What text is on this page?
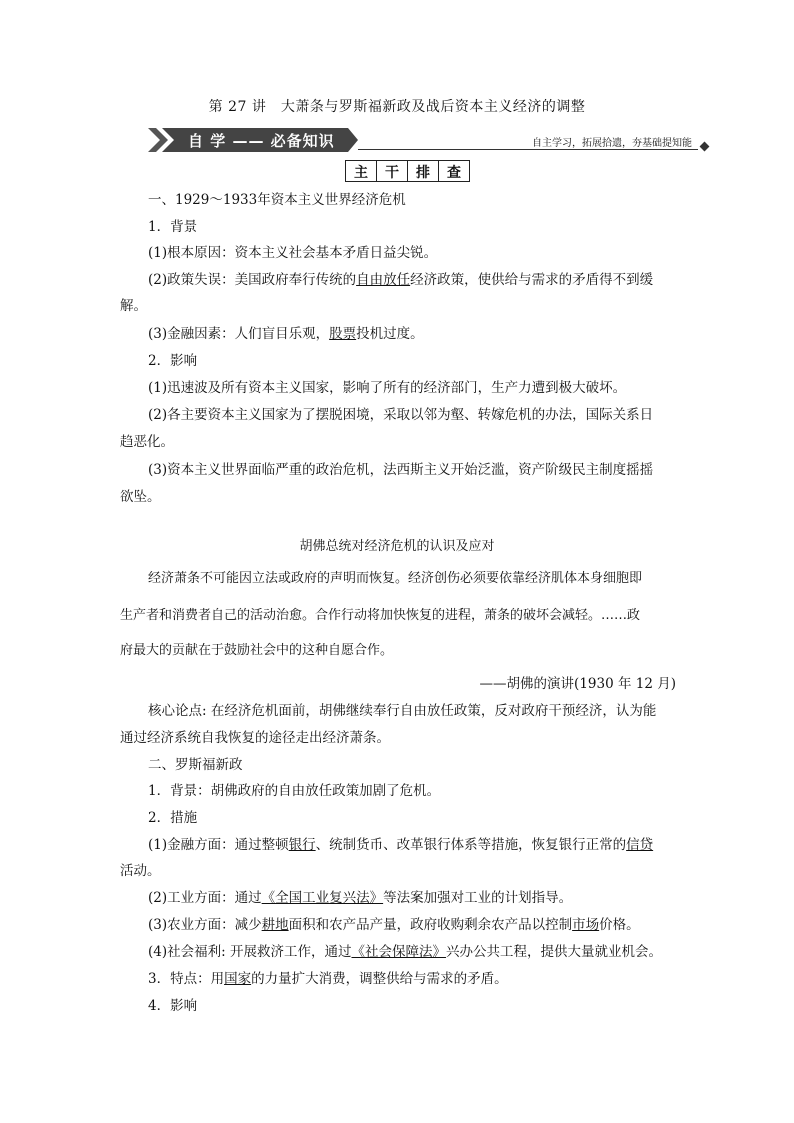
第 27 讲　大萧条与罗斯福新政及战后资本主义经济的调整
自 学 —— 必备知识	自主学习，拓展拾遗，夯基础提知能
主	干	排	查
一、1929～1933年资本主义世界经济危机
1．背景
(1)根本原因：资本主义社会基本矛盾日益尖锐。
(2)政策失误：美国政府奉行传统的自由放任经济政策，使供给与需求的矛盾得不到缓
解。
(3)金融因素：人们盲目乐观，股票投机过度。
2．影响
(1)迅速波及所有资本主义国家，影响了所有的经济部门，生产力遭到极大破坏。
(2)各主要资本主义国家为了摆脱困境，采取以邻为壑、转嫁危机的办法，国际关系日
趋恶化。
(3)资本主义世界面临严重的政治危机，法西斯主义开始泛滥，资产阶级民主制度摇摇
欲坠。
胡佛总统对经济危机的认识及应对
经济萧条不可能因立法或政府的声明而恢复。经济创伤必须要依靠经济肌体本身细胞即
生产者和消费者自己的活动治愈。合作行动将加快恢复的进程，萧条的破坏会减轻。……政
府最大的贡献在于鼓励社会中的这种自愿合作。
——胡佛的演讲(1930 年 12 月)
核心论点: 在经济危机面前，胡佛继续奉行自由放任政策，反对政府干预经济，认为能
通过经济系统自我恢复的途径走出经济萧条。
二、罗斯福新政
1．背景：胡佛政府的自由放任政策加剧了危机。
2．措施
(1)金融方面：通过整顿银行、统制货币、改革银行体系等措施，恢复银行正常的信贷
活动。
(2)工业方面：通过《全国工业复兴法》等法案加强对工业的计划指导。
(3)农业方面：减少耕地面积和农产品产量，政府收购剩余农产品以控制市场价格。
(4)社会福利: 开展救济工作，通过《社会保障法》兴办公共工程，提供大量就业机会。
3．特点：用国家的力量扩大消费，调整供给与需求的矛盾。
4．影响
